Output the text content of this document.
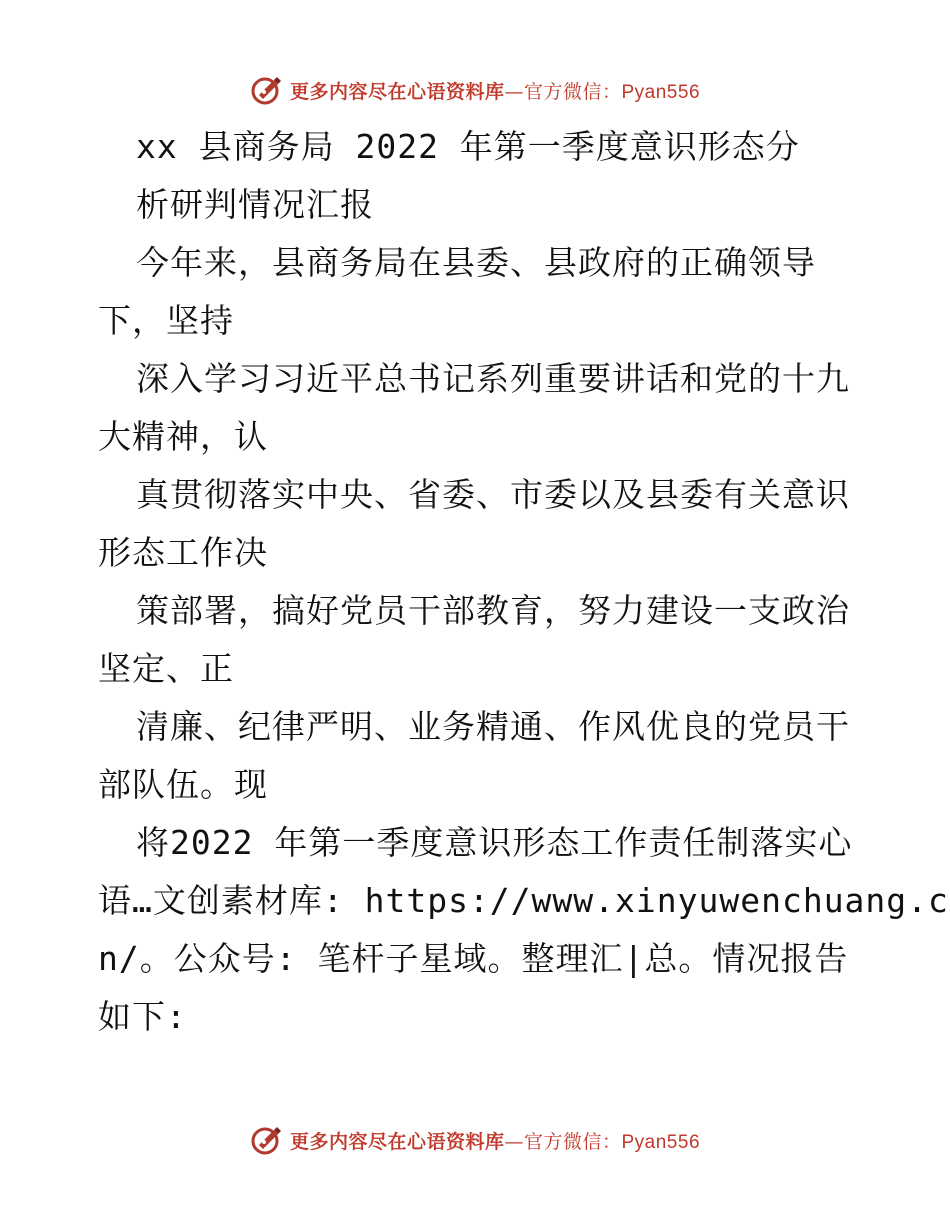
更多内容尽在心语资料库—官方微信：Pyan556
xx 县商务局 2022 年第一季度意识形态分
析研判情况汇报
今年来，县商务局在县委、县政府的正确领导
下，坚持
深入学习习近平总书记系列重要讲话和党的十九
大精神，认
真贯彻落实中央、省委、市委以及县委有关意识
形态工作决
策部署，搞好党员干部教育，努力建设一支政治
坚定、正
清廉、纪律严明、业务精通、作风优良的党员干
部队伍。现
将2022 年第一季度意识形态工作责任制落实心
语…文创素材库: https://www.xinyuwenchuang.c
n/。公众号: 笔杆子星域。整理汇|总。情况报告
如下:
更多内容尽在心语资料库—官方微信：Pyan556
